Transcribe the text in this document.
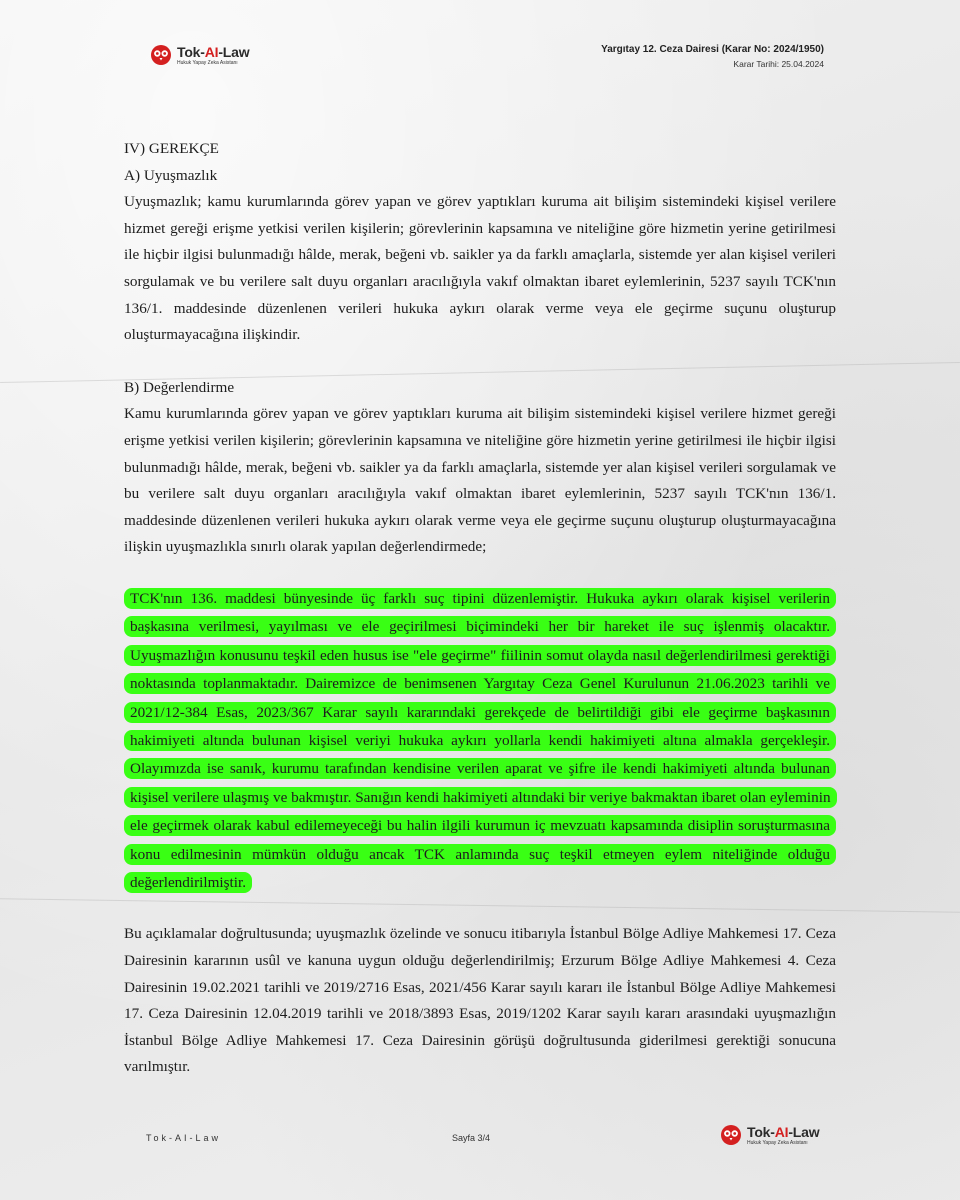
Tok-AI-Law
Hukuk Yapay Zeka Asistanı
Yargıtay 12. Ceza Dairesi (Karar No: 2024/1950)
Karar Tarihi: 25.04.2024

IV) GEREKÇE

A) Uyuşmazlık

Uyuşmazlık; kamu kurumlarında görev yapan ve görev yaptıkları kuruma ait bilişim sistemindeki kişisel verilere hizmet gereği erişme yetkisi verilen kişilerin; görevlerinin kapsamına ve niteliğine göre hizmetin yerine getirilmesi ile hiçbir ilgisi bulunmadığı hâlde, merak, beğeni vb. saikler ya da farklı amaçlarla, sistemde yer alan kişisel verileri sorgulamak ve bu verilere salt duyu organları aracılığıyla vakıf olmaktan ibaret eylemlerinin, 5237 sayılı TCK'nın 136/1. maddesinde düzenlenen verileri hukuka aykırı olarak verme veya ele geçirme suçunu oluşturup oluşturmayacağına ilişkindir.

B) Değerlendirme

Kamu kurumlarında görev yapan ve görev yaptıkları kuruma ait bilişim sistemindeki kişisel verilere hizmet gereği erişme yetkisi verilen kişilerin; görevlerinin kapsamına ve niteliğine göre hizmetin yerine getirilmesi ile hiçbir ilgisi bulunmadığı hâlde, merak, beğeni vb. saikler ya da farklı amaçlarla, sistemde yer alan kişisel verileri sorgulamak ve bu verilere salt duyu organları aracılığıyla vakıf olmaktan ibaret eylemlerinin, 5237 sayılı TCK'nın 136/1. maddesinde düzenlenen verileri hukuka aykırı olarak verme veya ele geçirme suçunu oluşturup oluşturmayacağına ilişkin uyuşmazlıkla sınırlı olarak yapılan değerlendirmede;

TCK'nın 136. maddesi bünyesinde üç farklı suç tipini düzenlemiştir. Hukuka aykırı olarak kişisel verilerin başkasına verilmesi, yayılması ve ele geçirilmesi biçimindeki her bir hareket ile suç işlenmiş olacaktır. Uyuşmazlığın konusunu teşkil eden husus ise "ele geçirme" fiilinin somut olayda nasıl değerlendirilmesi gerektiği noktasında toplanmaktadır. Dairemizce de benimsenen Yargıtay Ceza Genel Kurulunun 21.06.2023 tarihli ve 2021/12-384 Esas, 2023/367 Karar sayılı kararındaki gerekçede de belirtildiği gibi ele geçirme başkasının hakimiyeti altında bulunan kişisel veriyi hukuka aykırı yollarla kendi hakimiyeti altına almakla gerçekleşir. Olayımızda ise sanık, kurumu tarafından kendisine verilen aparat ve şifre ile kendi hakimiyeti altında bulunan kişisel verilere ulaşmış ve bakmıştır. Sanığın kendi hakimiyeti altındaki bir veriye bakmaktan ibaret olan eyleminin ele geçirmek olarak kabul edilemeyeceği bu halin ilgili kurumun iç mevzuatı kapsamında disiplin soruşturmasına konu edilmesinin mümkün olduğu ancak TCK anlamında suç teşkil etmeyen eylem niteliğinde olduğu değerlendirilmiştir.

Bu açıklamalar doğrultusunda; uyuşmazlık özelinde ve sonucu itibarıyla İstanbul Bölge Adliye Mahkemesi 17. Ceza Dairesinin kararının usûl ve kanuna uygun olduğu değerlendirilmiş; Erzurum Bölge Adliye Mahkemesi 4. Ceza Dairesinin 19.02.2021 tarihli ve 2019/2716 Esas, 2021/456 Karar sayılı kararı ile İstanbul Bölge Adliye Mahkemesi 17. Ceza Dairesinin 12.04.2019 tarihli ve 2018/3893 Esas, 2019/1202 Karar sayılı kararı arasındaki uyuşmazlığın İstanbul Bölge Adliye Mahkemesi 17. Ceza Dairesinin görüşü doğrultusunda giderilmesi gerektiği sonucuna varılmıştır.

Tok-AI-Law	Sayfa 3/4	Tok-AI-Law
Hukuk Yapay Zeka Asistanı
